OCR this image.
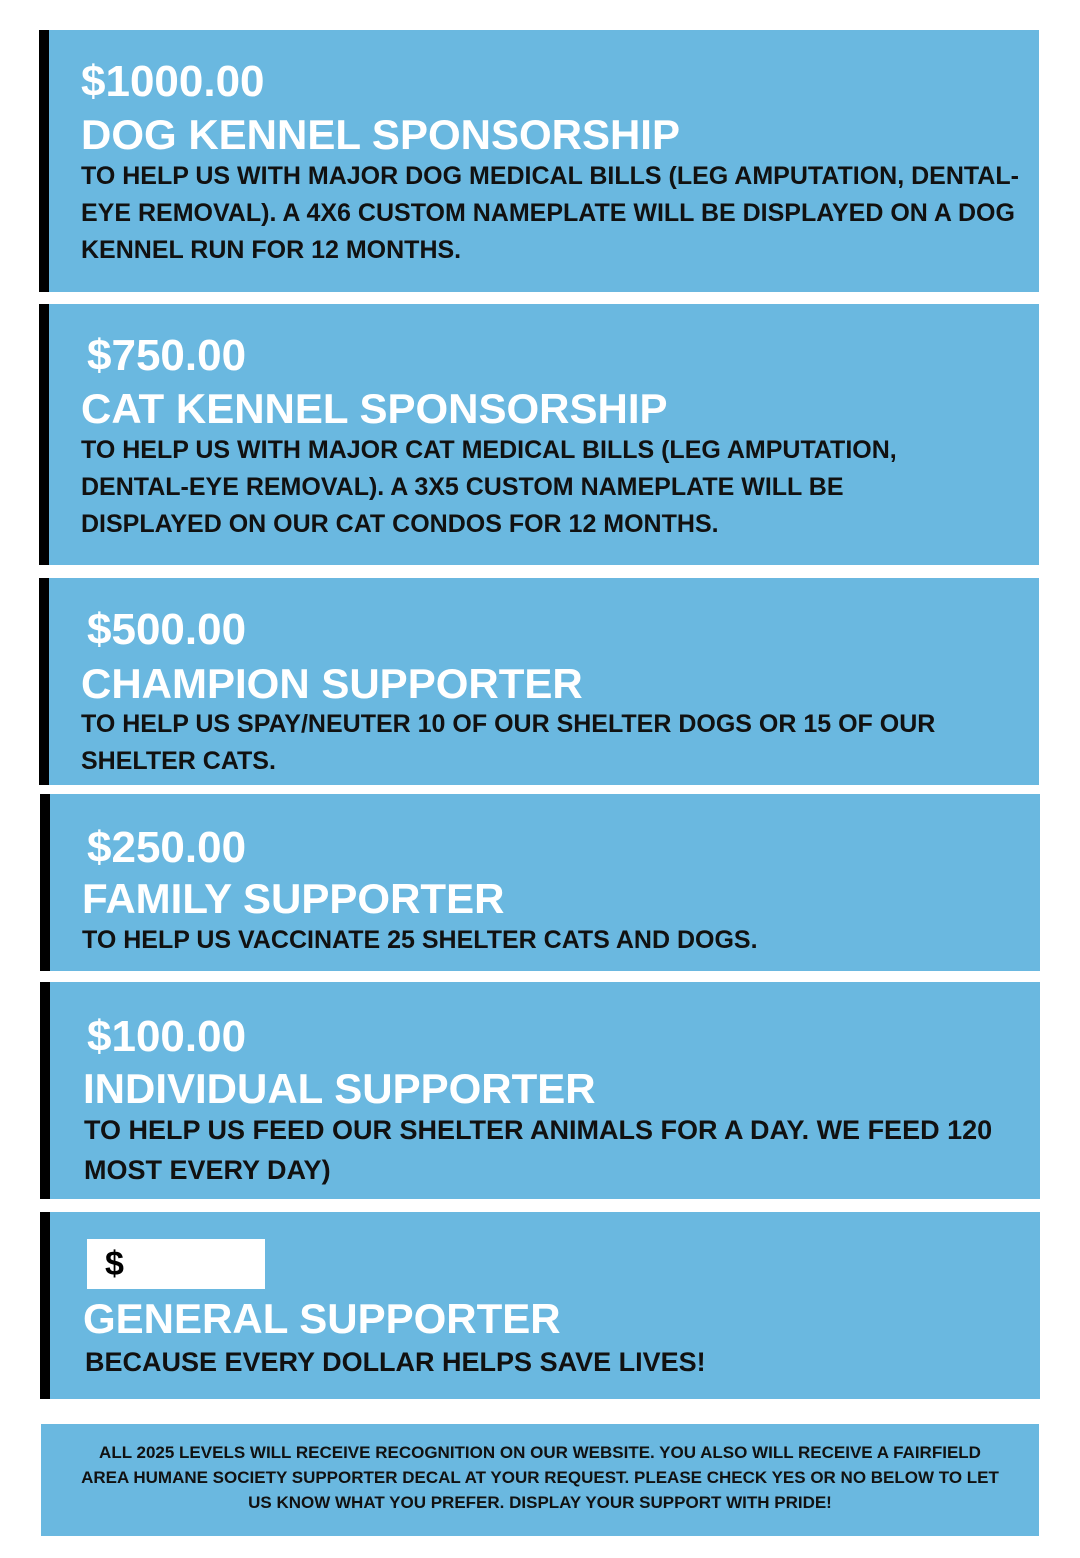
$1000.00

DOG KENNEL SPONSORSHIP

TO HELP US WITH MAJOR DOG MEDICAL BILLS (LEG AMPUTATION, DENTAL-EYE REMOVAL). A 4X6 CUSTOM NAMEPLATE WILL BE DISPLAYED ON A DOG KENNEL RUN FOR 12 MONTHS.

$750.00

CAT KENNEL SPONSORSHIP

TO HELP US WITH MAJOR CAT MEDICAL BILLS (LEG AMPUTATION, DENTAL-EYE REMOVAL). A 3X5 CUSTOM NAMEPLATE WILL BE DISPLAYED ON OUR CAT CONDOS FOR 12 MONTHS.

$500.00

CHAMPION SUPPORTER

TO HELP US SPAY/NEUTER 10 OF OUR SHELTER DOGS OR 15 OF OUR SHELTER CATS.

$250.00

FAMILY SUPPORTER

TO HELP US VACCINATE 25 SHELTER CATS AND DOGS.

$100.00

INDIVIDUAL SUPPORTER

TO HELP US FEED OUR SHELTER ANIMALS FOR A DAY. WE FEED 120 MOST EVERY DAY)

$

GENERAL SUPPORTER

BECAUSE EVERY DOLLAR HELPS SAVE LIVES!

ALL 2025 LEVELS WILL RECEIVE RECOGNITION ON OUR WEBSITE. YOU ALSO WILL RECEIVE A FAIRFIELD AREA HUMANE SOCIETY SUPPORTER DECAL AT YOUR REQUEST. PLEASE CHECK YES OR NO BELOW TO LET US KNOW WHAT YOU PREFER. DISPLAY YOUR SUPPORT WITH PRIDE!
